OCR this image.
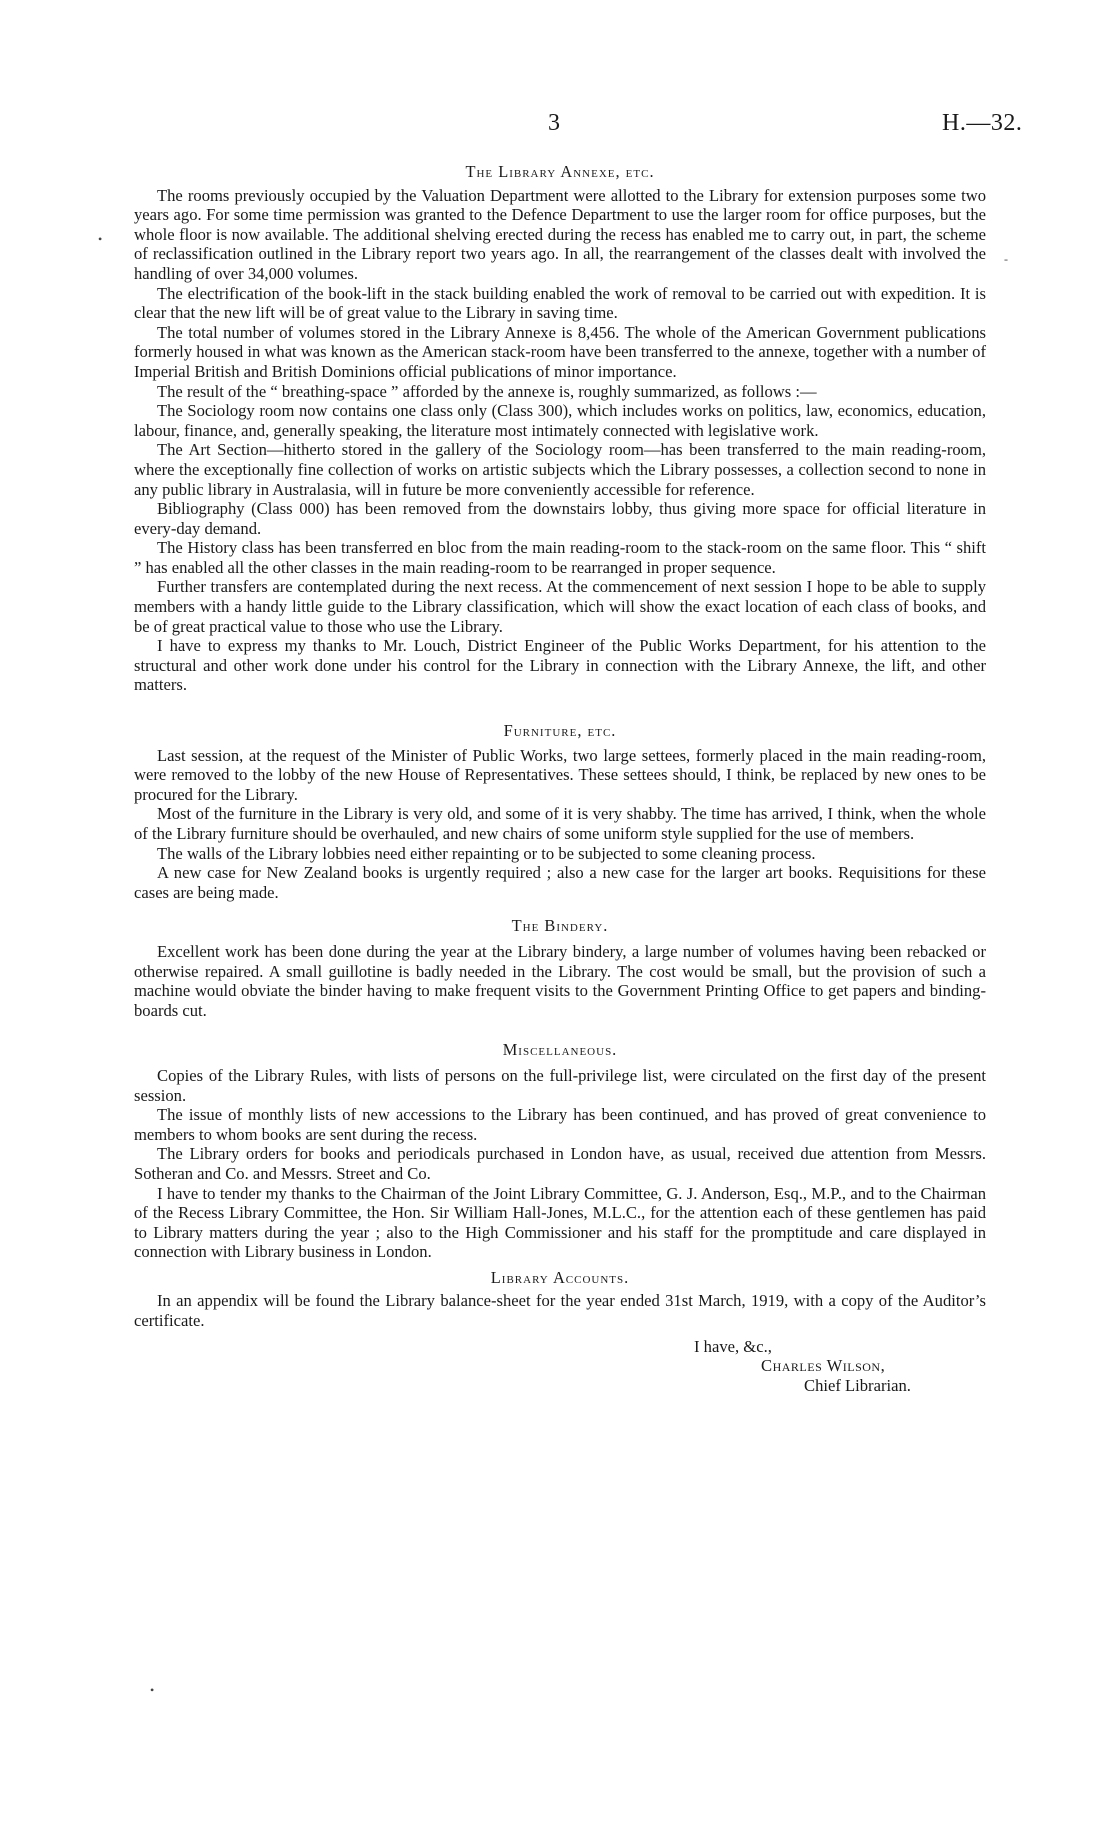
3	H.—32.
The Library Annexe, etc.

The rooms previously occupied by the Valuation Department were allotted to the Library for extension purposes some two years ago. For some time permission was granted to the Defence Department to use the larger room for office purposes, but the whole floor is now available. The additional shelving erected during the recess has enabled me to carry out, in part, the scheme of reclassification outlined in the Library report two years ago. In all, the rearrangement of the classes dealt with involved the handling of over 34,000 volumes.

The electrification of the book-lift in the stack building enabled the work of removal to be carried out with expedition. It is clear that the new lift will be of great value to the Library in saving time.

The total number of volumes stored in the Library Annexe is 8,456. The whole of the American Government publications formerly housed in what was known as the American stack-room have been transferred to the annexe, together with a number of Imperial British and British Dominions official publications of minor importance.

The result of the “ breathing-space ” afforded by the annexe is, roughly summarized, as follows :—

The Sociology room now contains one class only (Class 300), which includes works on politics, law, economics, education, labour, finance, and, generally speaking, the literature most intimately connected with legislative work.

The Art Section—hitherto stored in the gallery of the Sociology room—has been transferred to the main reading-room, where the exceptionally fine collection of works on artistic subjects which the Library possesses, a collection second to none in any public library in Australasia, will in future be more conveniently accessible for reference.

Bibliography (Class 000) has been removed from the downstairs lobby, thus giving more space for official literature in every-day demand.

The History class has been transferred en bloc from the main reading-room to the stack-room on the same floor. This “ shift ” has enabled all the other classes in the main reading-room to be rearranged in proper sequence.

Further transfers are contemplated during the next recess. At the commencement of next session I hope to be able to supply members with a handy little guide to the Library classification, which will show the exact location of each class of books, and be of great practical value to those who use the Library.

I have to express my thanks to Mr. Louch, District Engineer of the Public Works Department, for his attention to the structural and other work done under his control for the Library in connection with the Library Annexe, the lift, and other matters.

Furniture, etc.

Last session, at the request of the Minister of Public Works, two large settees, formerly placed in the main reading-room, were removed to the lobby of the new House of Representatives. These settees should, I think, be replaced by new ones to be procured for the Library.

Most of the furniture in the Library is very old, and some of it is very shabby. The time has arrived, I think, when the whole of the Library furniture should be overhauled, and new chairs of some uniform style supplied for the use of members.

The walls of the Library lobbies need either repainting or to be subjected to some cleaning process.

A new case for New Zealand books is urgently required ; also a new case for the larger art books. Requisitions for these cases are being made.

The Bindery.

Excellent work has been done during the year at the Library bindery, a large number of volumes having been rebacked or otherwise repaired. A small guillotine is badly needed in the Library. The cost would be small, but the provision of such a machine would obviate the binder having to make frequent visits to the Government Printing Office to get papers and binding-boards cut.

Miscellaneous.

Copies of the Library Rules, with lists of persons on the full-privilege list, were circulated on the first day of the present session.

The issue of monthly lists of new accessions to the Library has been continued, and has proved of great convenience to members to whom books are sent during the recess.

The Library orders for books and periodicals purchased in London have, as usual, received due attention from Messrs. Sotheran and Co. and Messrs. Street and Co.

I have to tender my thanks to the Chairman of the Joint Library Committee, G. J. Anderson, Esq., M.P., and to the Chairman of the Recess Library Committee, the Hon. Sir William Hall-Jones, M.L.C., for the attention each of these gentlemen has paid to Library matters during the year ; also to the High Commissioner and his staff for the promptitude and care displayed in connection with Library business in London.

Library Accounts.

In an appendix will be found the Library balance-sheet for the year ended 31st March, 1919, with a copy of the Auditor’s certificate.

I have, &c.,
Charles Wilson,
Chief Librarian.
•
-
•
